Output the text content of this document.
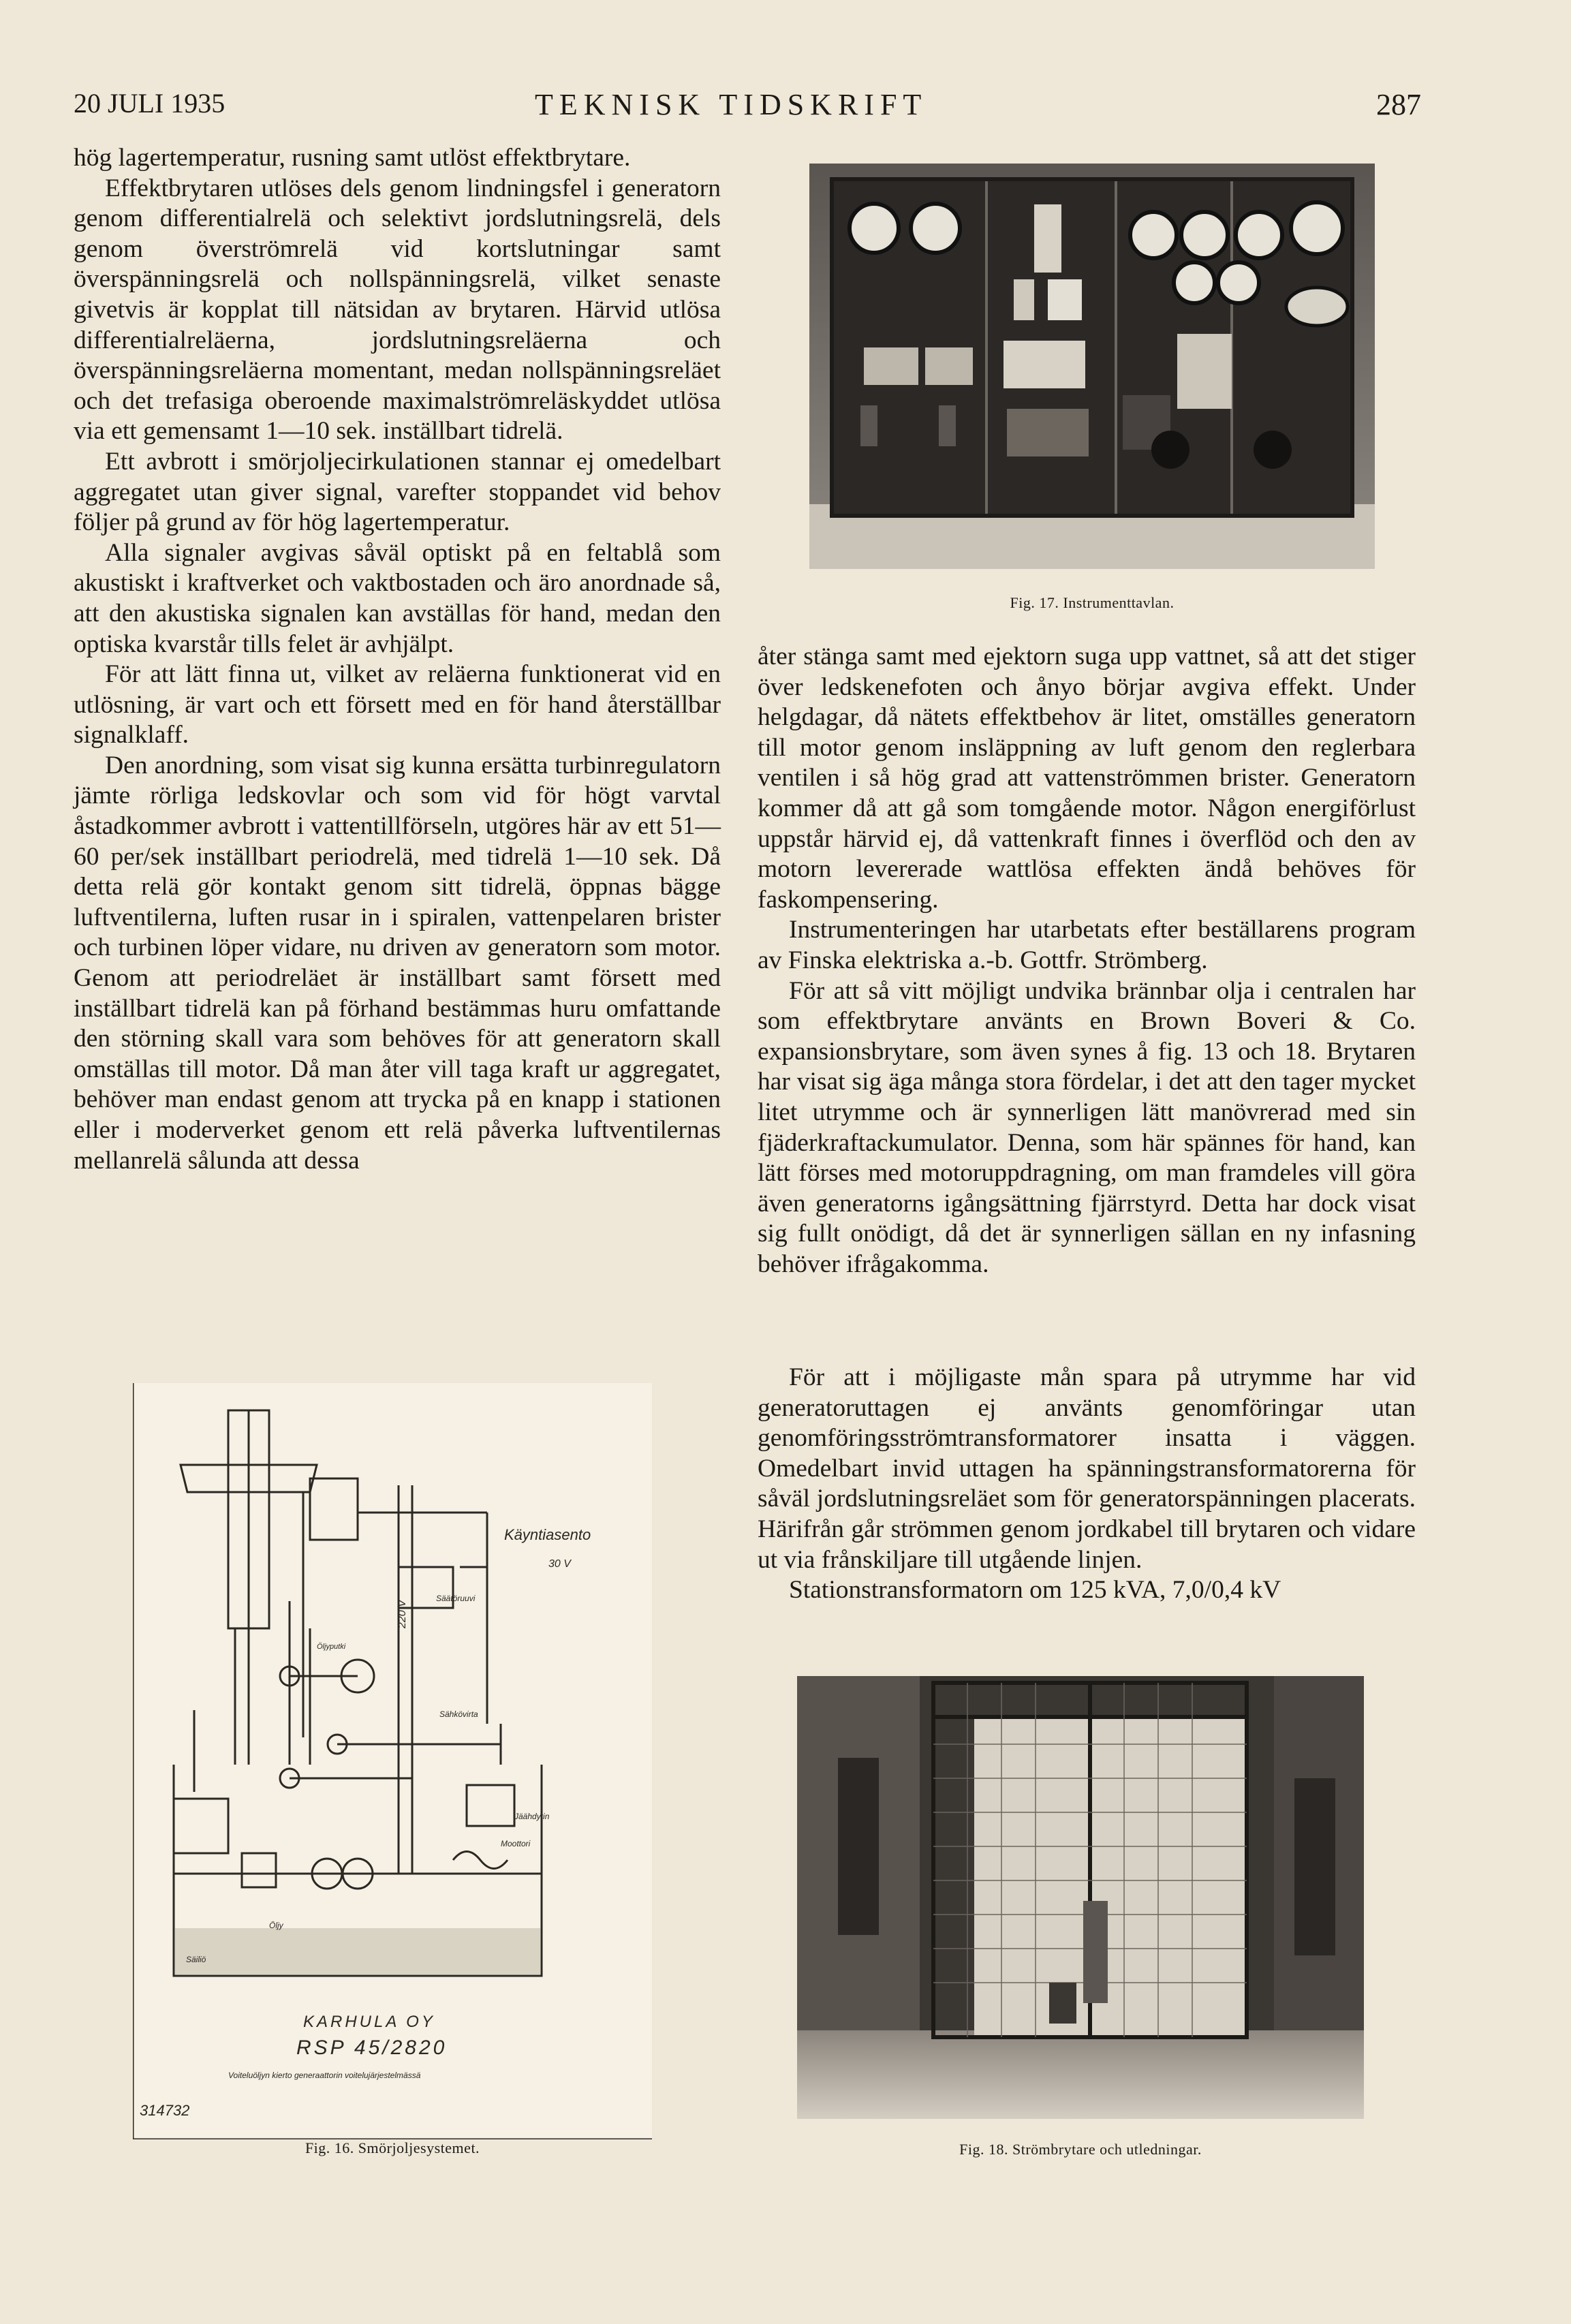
20 JULI 1935	TEKNISK TIDSKRIFT	287

hög lagertemperatur, rusning samt utlöst effektbrytare.

Effektbrytaren utlöses dels genom lindningsfel i generatorn genom differentialrelä och selektivt jordslutningsrelä, dels genom överströmrelä vid kortslutningar samt överspänningsrelä och nollspänningsrelä, vilket senaste givetvis är kopplat till nätsidan av brytaren. Härvid utlösa differentialreläerna, jordslutningsreläerna och överspänningsreläerna momentant, medan nollspänningsreläet och det trefasiga oberoende maximalströmreläskyddet utlösa via ett gemensamt 1—10 sek. inställbart tidrelä.

Ett avbrott i smörjoljecirkulationen stannar ej omedelbart aggregatet utan giver signal, varefter stoppandet vid behov följer på grund av för hög lagertemperatur.

Alla signaler avgivas såväl optiskt på en feltablå som akustiskt i kraftverket och vaktbostaden och äro anordnade så, att den akustiska signalen kan avställas för hand, medan den optiska kvarstår tills felet är avhjälpt.

För att lätt finna ut, vilket av reläerna funktionerat vid en utlösning, är vart och ett försett med en för hand återställbar signalklaff.

Den anordning, som visat sig kunna ersätta turbinregulatorn jämte rörliga ledskovlar och som vid för högt varvtal åstadkommer avbrott i vattentillförseln, utgöres här av ett 51—60 per/sek inställbart periodrelä, med tidrelä 1—10 sek. Då detta relä gör kontakt genom sitt tidrelä, öppnas bägge luftventilerna, luften rusar in i spiralen, vattenpelaren brister och turbinen löper vidare, nu driven av generatorn som motor. Genom att periodreläet är inställbart samt försett med inställbart tidrelä kan på förhand bestämmas huru omfattande den störning skall vara som behöves för att generatorn skall omställas till motor. Då man åter vill taga kraft ur aggregatet, behöver man endast genom att trycka på en knapp i stationen eller i moderverket genom ett relä påverka luftventilernas mellanrelä sålunda att dessa

Fig. 17. Instrumenttavlan.

åter stänga samt med ejektorn suga upp vattnet, så att det stiger över ledskenefoten och ånyo börjar avgiva effekt. Under helgdagar, då nätets effektbehov är litet, omställes generatorn till motor genom insläppning av luft genom den reglerbara ventilen i så hög grad att vattenströmmen brister. Generatorn kommer då att gå som tomgående motor. Någon energiförlust uppstår härvid ej, då vattenkraft finnes i överflöd och den av motorn levererade wattlösa effekten ändå behöves för faskompensering.

Instrumenteringen har utarbetats efter beställarens program av Finska elektriska a.-b. Gottfr. Strömberg.

För att så vitt möjligt undvika brännbar olja i centralen har som effektbrytare använts en Brown Boveri & Co. expansionsbrytare, som även synes å fig. 13 och 18. Brytaren har visat sig äga många stora fördelar, i det att den tager mycket litet utrymme och är synnerligen lätt manövrerad med sin fjäderkraftackumulator. Denna, som här spännes för hand, kan lätt förses med motoruppdragning, om man framdeles vill göra även generatorns igångsättning fjärrstyrd. Detta har dock visat sig fullt onödigt, då det är synnerligen sällan en ny infasning behöver ifrågakomma.

För att i möjligaste mån spara på utrymme har vid generatoruttagen ej använts genomföringar utan genomföringsströmtransformatorer insatta i väggen. Omedelbart invid uttagen ha spänningstransformatorerna för såväl jordslutningsreläet som för generatorspänningen placerats. Härifrån går strömmen genom jordkabel till brytaren och vidare ut via frånskiljare till utgående linjen.

Stationstransformatorn om 125 kVA, 7,0/0,4 kV

Käyntiasento
30 V
220 V
Säätöruuvi
Sähkövirta
Öljyputki
Jäähdytin
Öljy
Moottori
Säiliö
KARHULA OY
RSP 45/2820
Voiteluöljyn kierto generaattorin voitelujärjestelmässä
314732
Fig. 16. Smörjoljesystemet.	Fig. 18. Strömbrytare och utledningar.
